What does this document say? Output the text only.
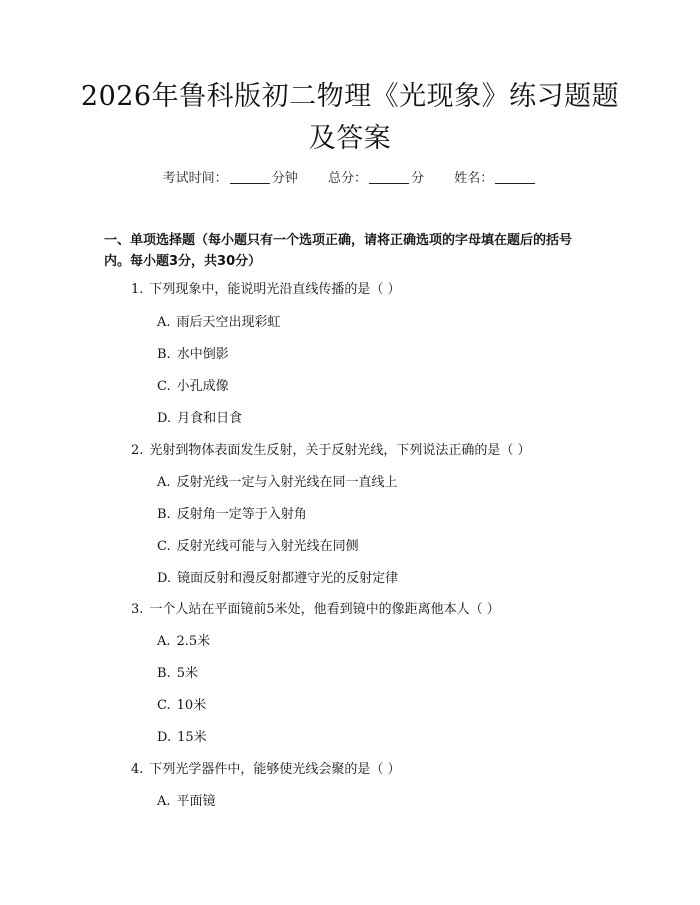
2026年鲁科版初二物理《光现象》练习题题及答案
考试时间：	分钟 总分：	分 姓名：
一、单项选择题（每小题只有一个选项正确，请将正确选项的字母填在题后的括号内。每小题3分，共30分）
1. 下列现象中，能说明光沿直线传播的是（ ）
A. 雨后天空出现彩虹
B. 水中倒影
C. 小孔成像
D. 月食和日食
2. 光射到物体表面发生反射，关于反射光线，下列说法正确的是（ ）
A. 反射光线一定与入射光线在同一直线上
B. 反射角一定等于入射角
C. 反射光线可能与入射光线在同侧
D. 镜面反射和漫反射都遵守光的反射定律
3. 一个人站在平面镜前5米处，他看到镜中的像距离他本人（ ）
A. 2.5米
B. 5米
C. 10米
D. 15米
4. 下列光学器件中，能够使光线会聚的是（ ）
A. 平面镜
